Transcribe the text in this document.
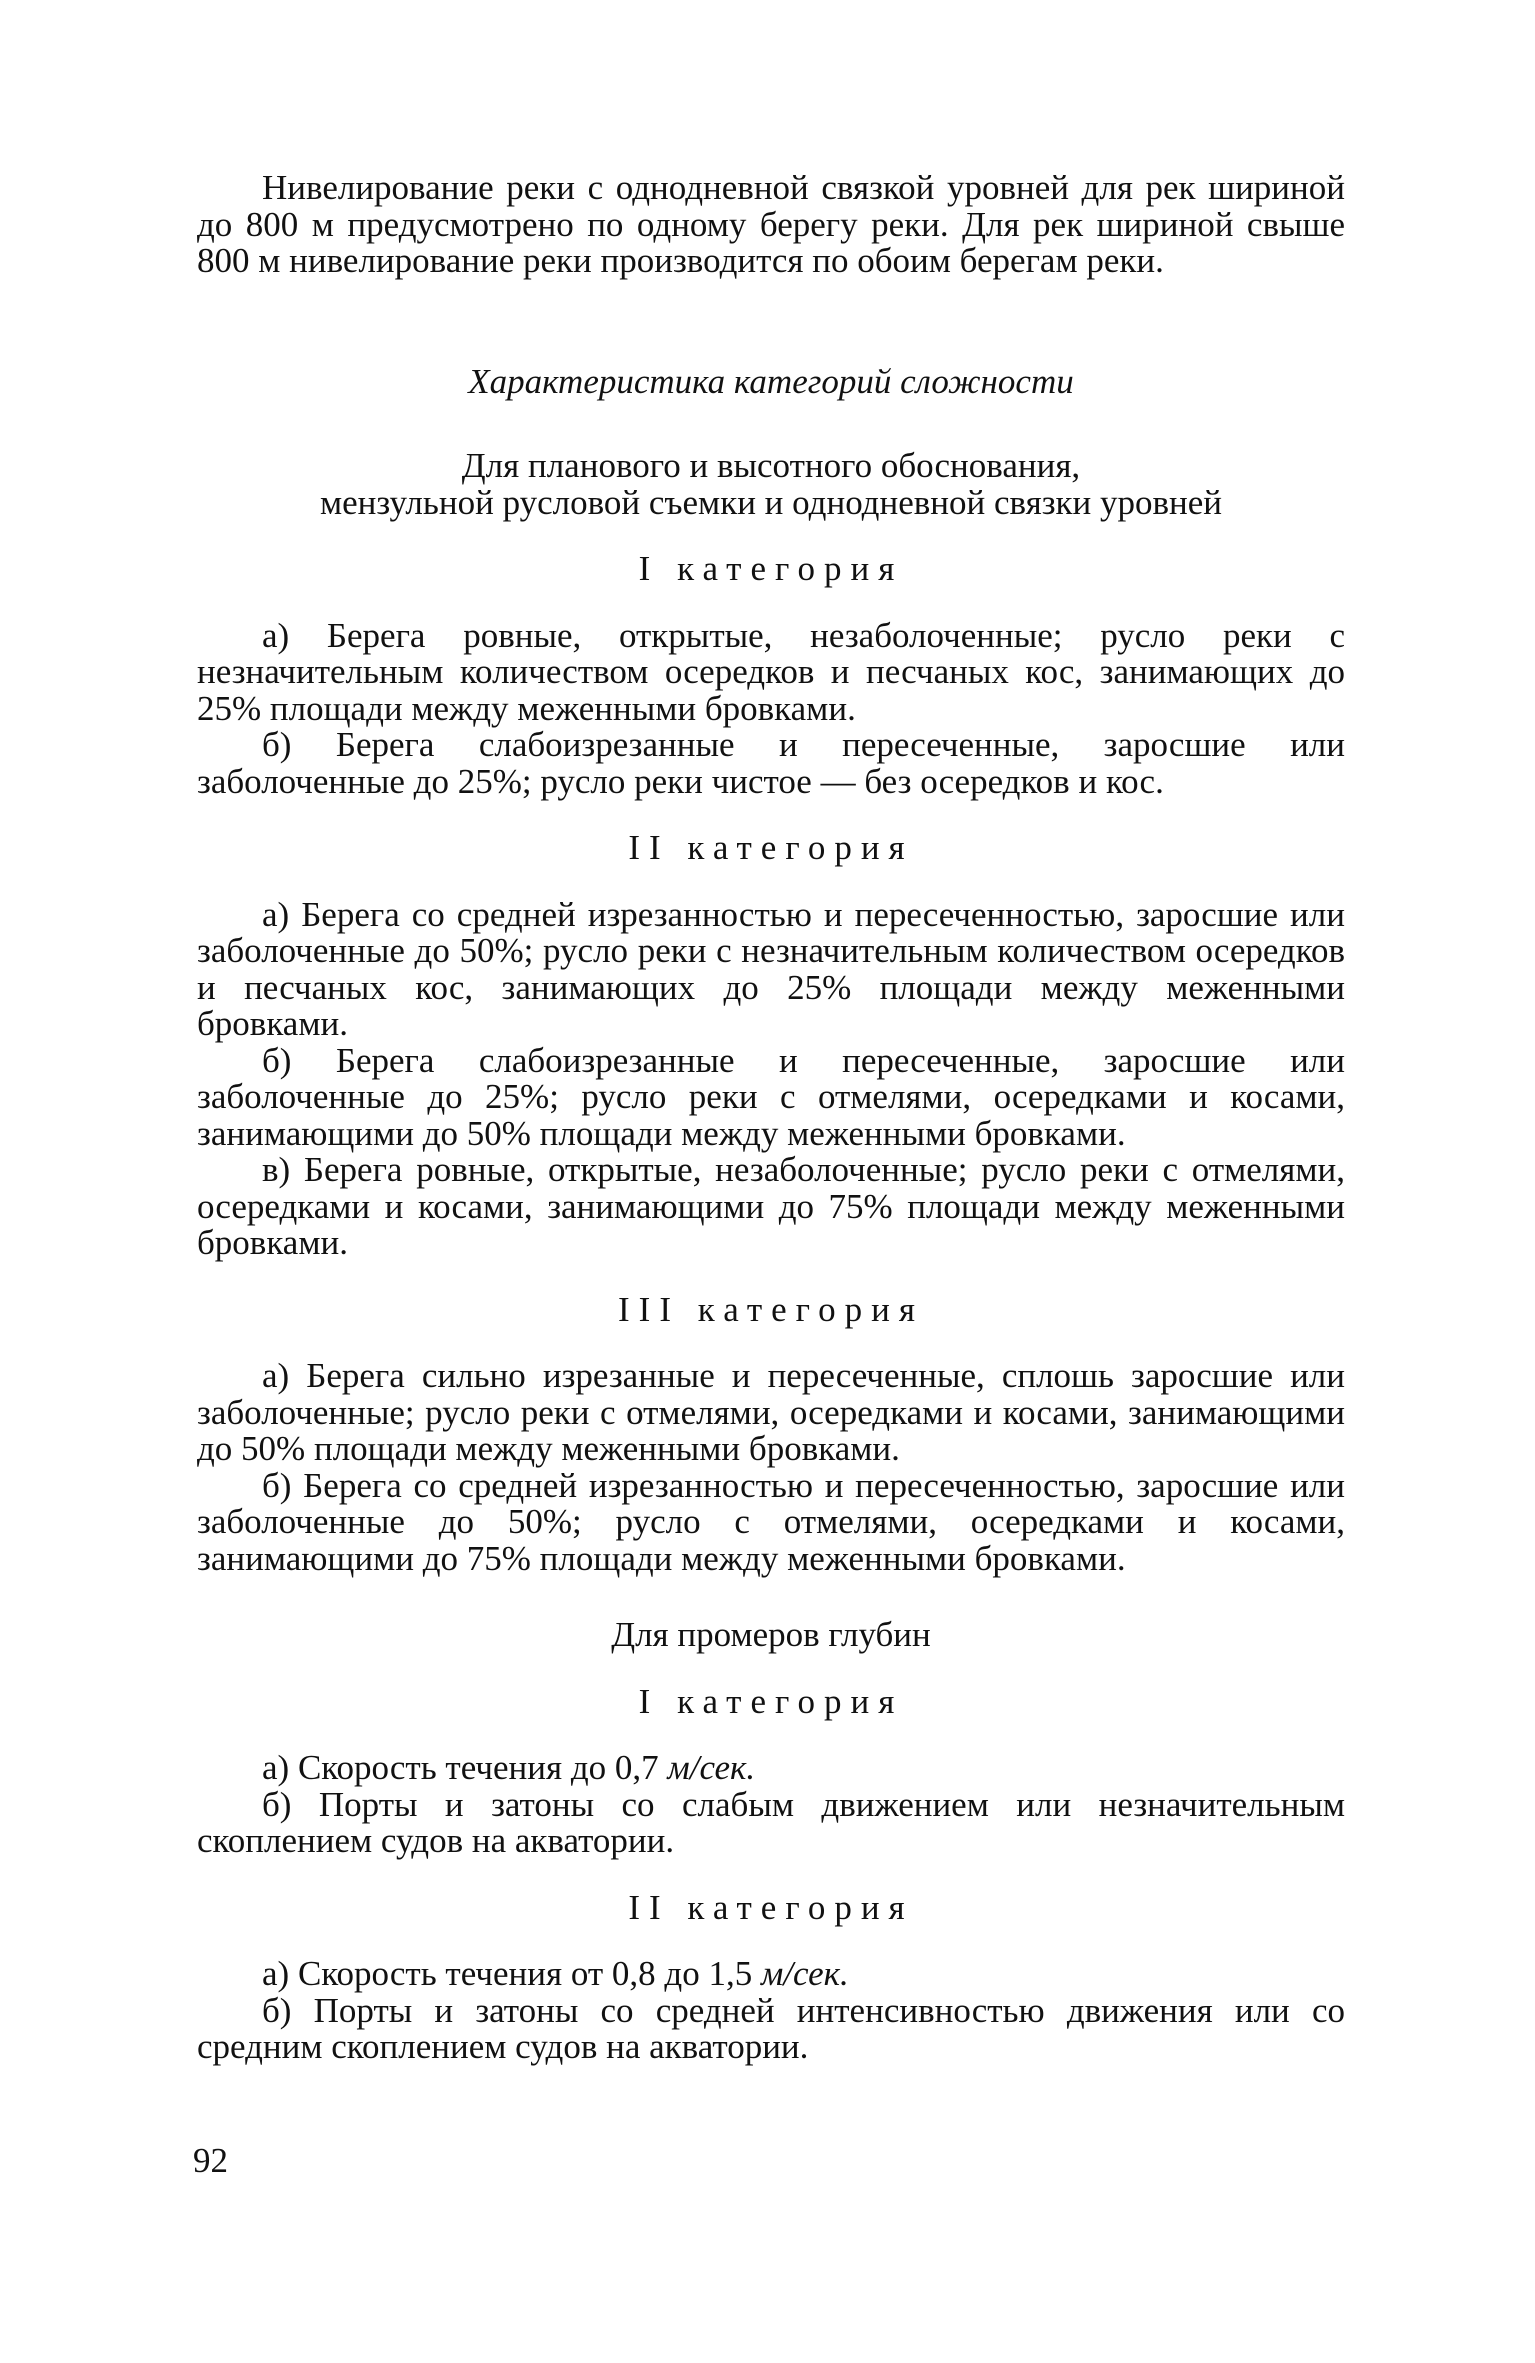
Нивелирование реки с однодневной связкой уровней для рек шириной до 800 м предусмотрено по одному берегу реки. Для рек шириной свыше 800 м нивелирование реки производится по обоим берегам реки.

Характеристика категорий сложности

Для планового и высотного обоснования,

мензульной русловой съемки и однодневной связки уровней

I категория

а) Берега ровные, открытые, незаболоченные; русло реки с незначительным количеством осередков и песчаных кос, занимающих до 25% площади между меженными бровками.

б) Берега слабоизрезанные и пересеченные, заросшие или заболоченные до 25%; русло реки чистое — без осередков и кос.

II категория

а) Берега со средней изрезанностью и пересеченностью, заросшие или заболоченные до 50%; русло реки с незначительным количеством осередков и песчаных кос, занимающих до 25% площади между меженными бровками.

б) Берега слабоизрезанные и пересеченные, заросшие или заболоченные до 25%; русло реки с отмелями, осередками и косами, занимающими до 50% площади между меженными бровками.

в) Берега ровные, открытые, незаболоченные; русло реки с отмелями, осередками и косами, занимающими до 75% площади между меженными бровками.

III категория

а) Берега сильно изрезанные и пересеченные, сплошь заросшие или заболоченные; русло реки с отмелями, осередками и косами, занимающими до 50% площади между меженными бровками.

б) Берега со средней изрезанностью и пересеченностью, заросшие или заболоченные до 50%; русло с отмелями, осередками и косами, занимающими до 75% площади между меженными бровками.

Для промеров глубин

I категория

а) Скорость течения до 0,7 м/сек.

б) Порты и затоны со слабым движением или незначительным скоплением судов на акватории.

II категория

а) Скорость течения от 0,8 до 1,5 м/сек.

б) Порты и затоны со средней интенсивностью движения или со средним скоплением судов на акватории.

92
